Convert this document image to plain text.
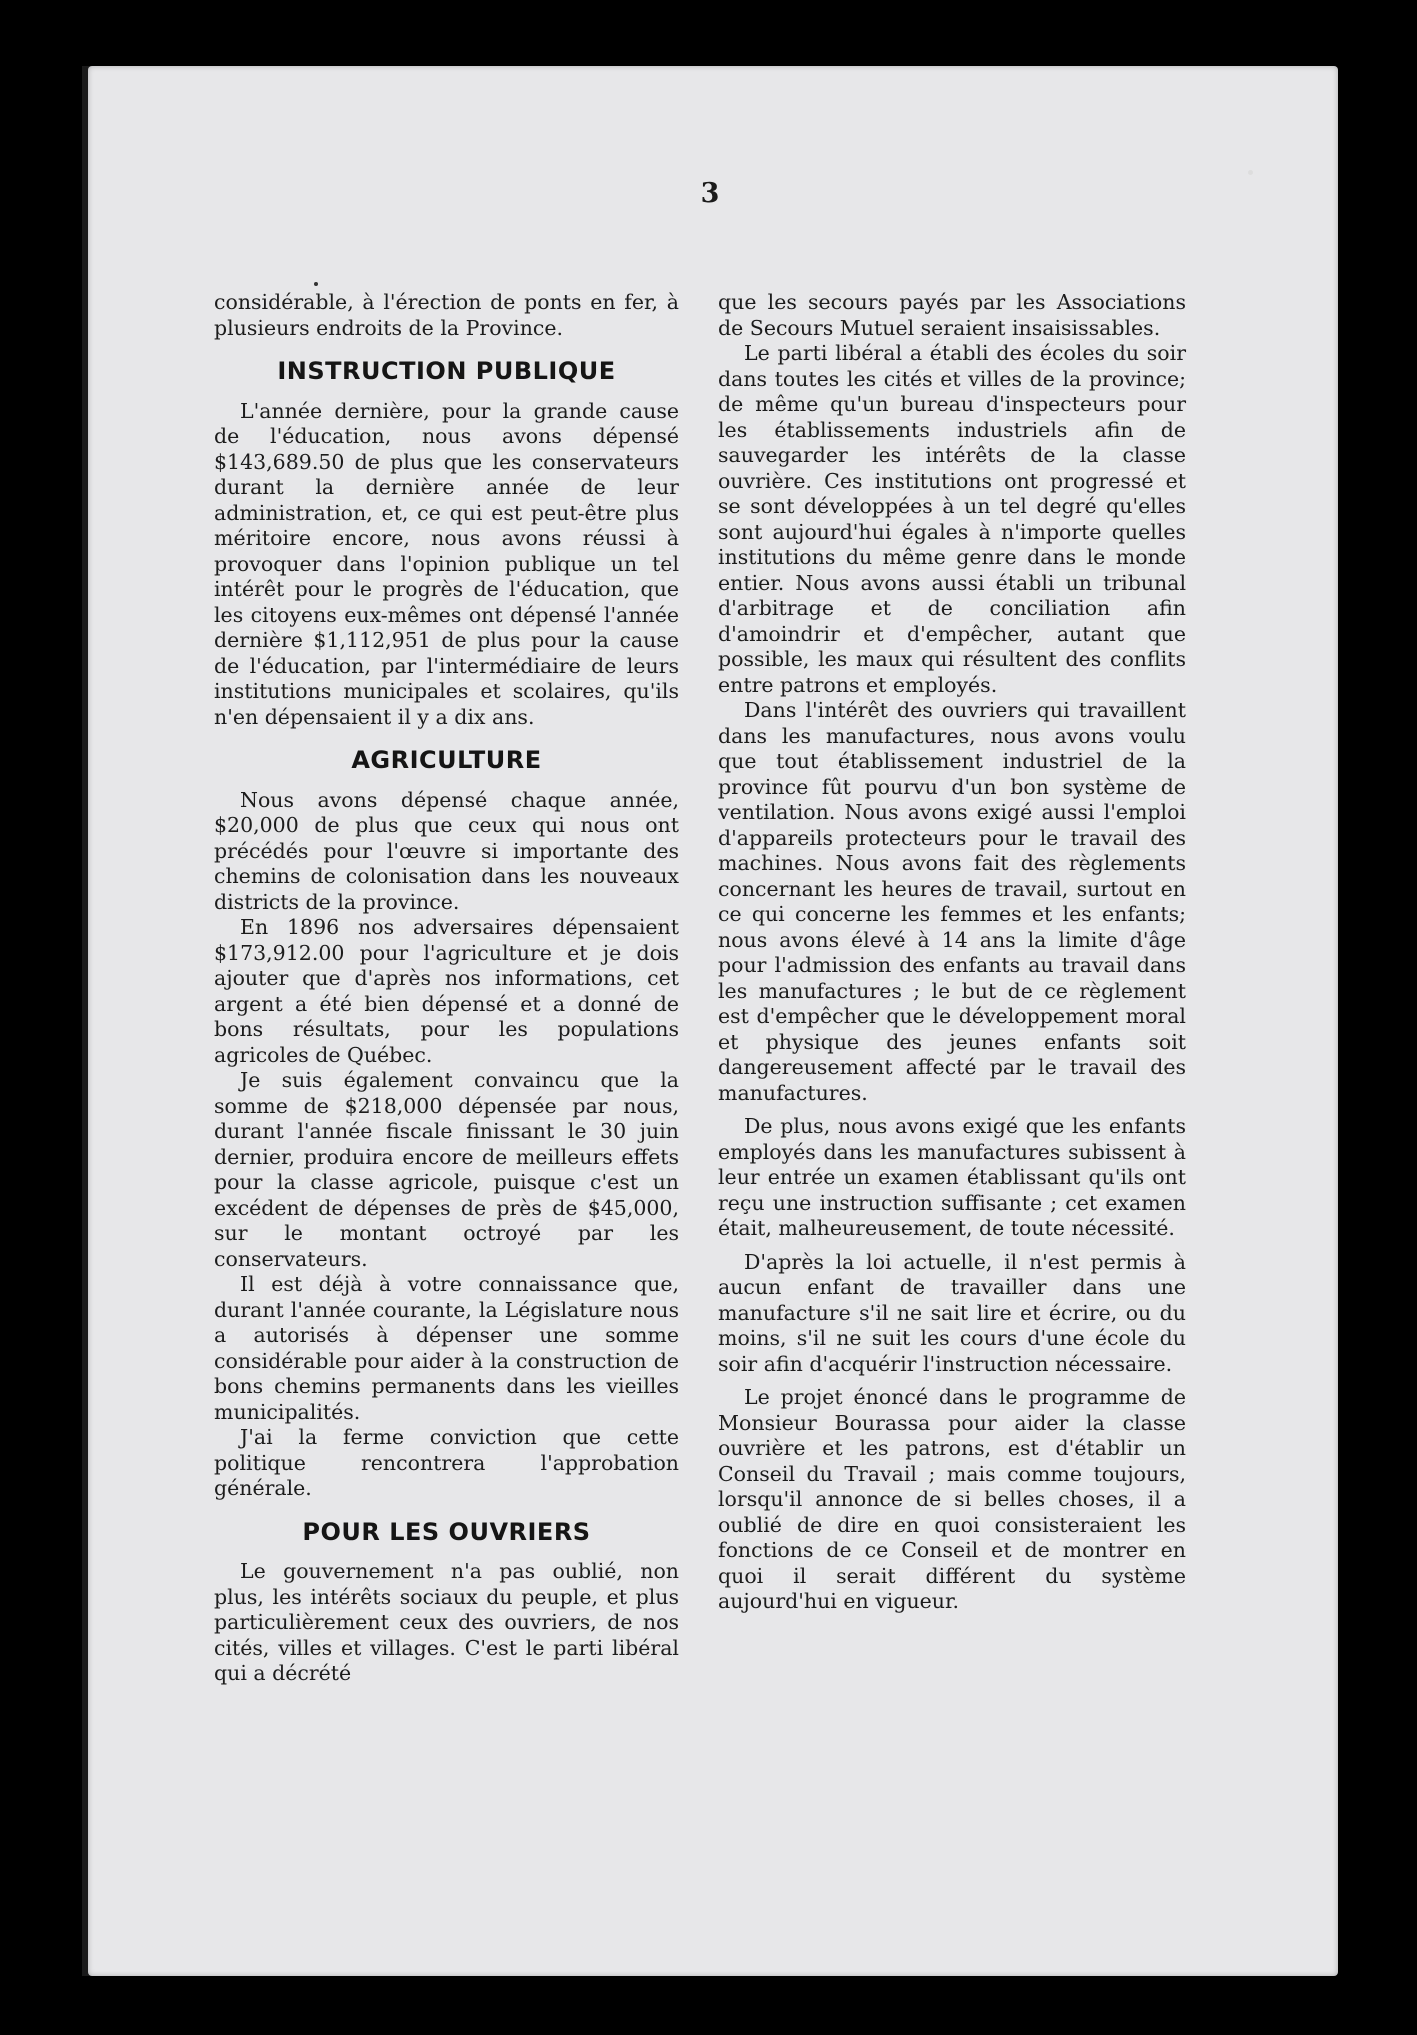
3

considérable, à l'érection de ponts en fer, à plusieurs endroits de la Province.

INSTRUCTION PUBLIQUE

L'année dernière, pour la grande cause de l'éducation, nous avons dépensé $143,689.50 de plus que les conservateurs durant la dernière année de leur administration, et, ce qui est peut-être plus méritoire encore, nous avons réussi à provoquer dans l'opinion publique un tel intérêt pour le progrès de l'éducation, que les citoyens eux-mêmes ont dépensé l'année dernière $1,112,951 de plus pour la cause de l'éducation, par l'intermédiaire de leurs institutions municipales et scolaires, qu'ils n'en dépensaient il y a dix ans.

AGRICULTURE

Nous avons dépensé chaque année, $20,000 de plus que ceux qui nous ont précédés pour l'œuvre si importante des chemins de colonisation dans les nouveaux districts de la province.

En 1896 nos adversaires dépensaient $173,912.00 pour l'agriculture et je dois ajouter que d'après nos informations, cet argent a été bien dépensé et a donné de bons résultats, pour les populations agricoles de Québec.

Je suis également convaincu que la somme de $218,000 dépensée par nous, durant l'année fiscale finissant le 30 juin dernier, produira encore de meilleurs effets pour la classe agricole, puisque c'est un excédent de dépenses de près de $45,000, sur le montant octroyé par les conservateurs.

Il est déjà à votre connaissance que, durant l'année courante, la Législature nous a autorisés à dépenser une somme considérable pour aider à la construction de bons chemins permanents dans les vieilles municipalités.

J'ai la ferme conviction que cette politique rencontrera l'approbation générale.

POUR LES OUVRIERS

Le gouvernement n'a pas oublié, non plus, les intérêts sociaux du peuple, et plus particulièrement ceux des ouvriers, de nos cités, villes et villages. C'est le parti libéral qui a décrété

que les secours payés par les Associations de Secours Mutuel seraient insaisissables.

Le parti libéral a établi des écoles du soir dans toutes les cités et villes de la province; de même qu'un bureau d'inspecteurs pour les établissements industriels afin de sauvegarder les intérêts de la classe ouvrière. Ces institutions ont progressé et se sont développées à un tel degré qu'elles sont aujourd'hui égales à n'importe quelles institutions du même genre dans le monde entier. Nous avons aussi établi un tribunal d'arbitrage et de conciliation afin d'amoindrir et d'empêcher, autant que possible, les maux qui résultent des conflits entre patrons et employés.

Dans l'intérêt des ouvriers qui travaillent dans les manufactures, nous avons voulu que tout établissement industriel de la province fût pourvu d'un bon système de ventilation. Nous avons exigé aussi l'emploi d'appareils protecteurs pour le travail des machines. Nous avons fait des règlements concernant les heures de travail, surtout en ce qui concerne les femmes et les enfants; nous avons élevé à 14 ans la limite d'âge pour l'admission des enfants au travail dans les manufactures ; le but de ce règlement est d'empêcher que le développement moral et physique des jeunes enfants soit dangereusement affecté par le travail des manufactures.

De plus, nous avons exigé que les enfants employés dans les manufactures subissent à leur entrée un examen établissant qu'ils ont reçu une instruction suffisante ; cet examen était, malheureusement, de toute nécessité.

D'après la loi actuelle, il n'est permis à aucun enfant de travailler dans une manufacture s'il ne sait lire et écrire, ou du moins, s'il ne suit les cours d'une école du soir afin d'acquérir l'instruction nécessaire.

Le projet énoncé dans le programme de Monsieur Bourassa pour aider la classe ouvrière et les patrons, est d'établir un Conseil du Travail ; mais comme toujours, lorsqu'il annonce de si belles choses, il a oublié de dire en quoi consisteraient les fonctions de ce Conseil et de montrer en quoi il serait différent du système aujourd'hui en vigueur.
